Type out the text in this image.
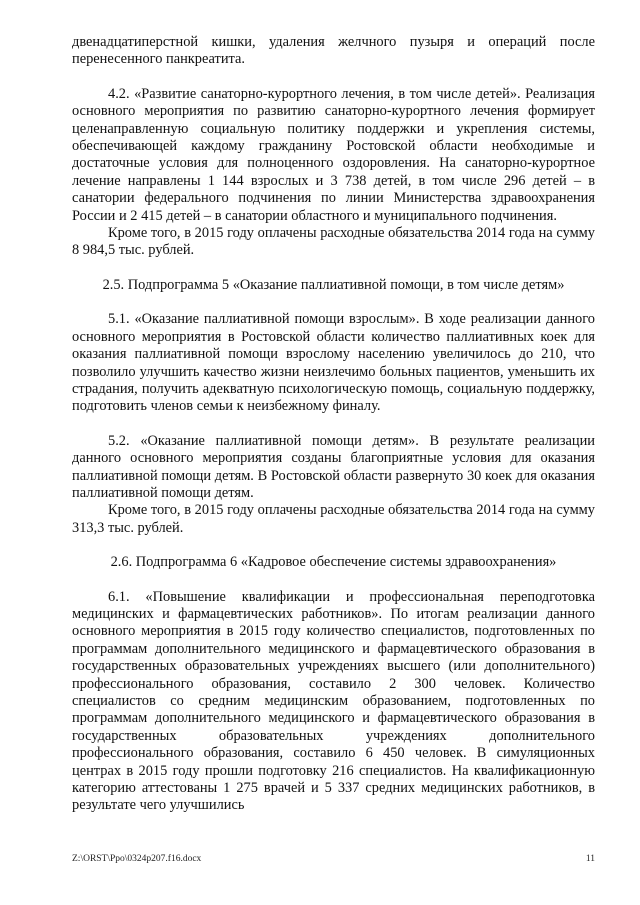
двенадцатиперстной кишки, удаления желчного пузыря и операций после перенесенного панкреатита.

4.2. «Развитие санаторно-курортного лечения, в том числе детей». Реализация основного мероприятия по развитию санаторно-курортного лечения формирует целенаправленную социальную политику поддержки и укрепления системы, обеспечивающей каждому гражданину Ростовской области необходимые и достаточные условия для полноценного оздоровления. На санаторно-курортное лечение направлены 1 144 взрослых и 3 738 детей, в том числе 296 детей – в санатории федерального подчинения по линии Министерства здравоохранения России и 2 415 детей – в санатории областного и муниципального подчинения.

Кроме того, в 2015 году оплачены расходные обязательства 2014 года на сумму 8 984,5 тыс. рублей.

2.5. Подпрограмма 5 «Оказание паллиативной помощи, в том числе детям»

5.1. «Оказание паллиативной помощи взрослым». В ходе реализации данного основного мероприятия в Ростовской области количество паллиативных коек для оказания паллиативной помощи взрослому населению увеличилось до 210, что позволило улучшить качество жизни неизлечимо больных пациентов, уменьшить их страдания, получить адекватную психологическую помощь, социальную поддержку, подготовить членов семьи к неизбежному финалу.

5.2. «Оказание паллиативной помощи детям». В результате реализации данного основного мероприятия созданы благоприятные условия для оказания паллиативной помощи детям. В Ростовской области развернуто 30 коек для оказания паллиативной помощи детям.

Кроме того, в 2015 году оплачены расходные обязательства 2014 года на сумму 313,3 тыс. рублей.

2.6. Подпрограмма 6 «Кадровое обеспечение системы здравоохранения»

6.1. «Повышение квалификации и профессиональная переподготовка медицинских и фармацевтических работников». По итогам реализации данного основного мероприятия в 2015 году количество специалистов, подготовленных по программам дополнительного медицинского и фармацевтического образования в государственных образовательных учреждениях высшего (или дополнительного) профессионального образования, составило 2 300 человек. Количество специалистов со средним медицинским образованием, подготовленных по программам дополнительного медицинского и фармацевтического образования в государственных образовательных учреждениях дополнительного профессионального образования, составило 6 450 человек. В симуляционных центрах в 2015 году прошли подготовку 216 специалистов. На квалификационную категорию аттестованы 1 275 врачей и 5 337 средних медицинских работников, в результате чего улучшились

Z:\ORST\Ppo\0324p207.f16.docx	11
